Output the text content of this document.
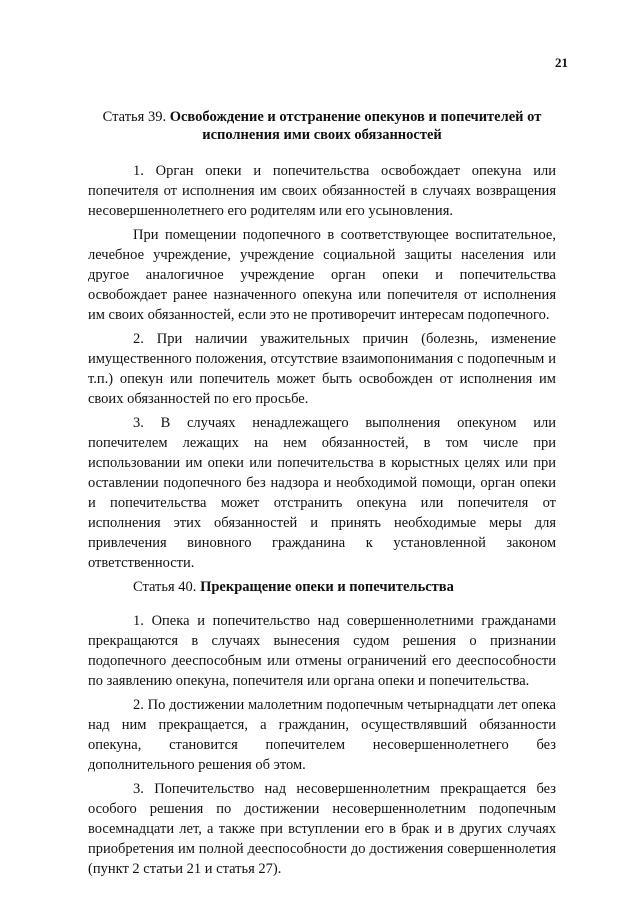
21
Статья 39. Освобождение и отстранение опекунов и попечителей от исполнения ими своих обязанностей

1. Орган опеки и попечительства освобождает опекуна или попечителя от исполнения им своих обязанностей в случаях возвращения несовершеннолетнего его родителям или его усыновления.

При помещении подопечного в соответствующее воспитательное, лечебное учреждение, учреждение социальной защиты населения или другое аналогичное учреждение орган опеки и попечительства освобождает ранее назначенного опекуна или попечителя от исполнения им своих обязанностей, если это не противоречит интересам подопечного.

2. При наличии уважительных причин (болезнь, изменение имущественного положения, отсутствие взаимопонимания с подопечным и т.п.) опекун или попечитель может быть освобожден от исполнения им своих обязанностей по его просьбе.

3. В случаях ненадлежащего выполнения опекуном или попечителем лежащих на нем обязанностей, в том числе при использовании им опеки или попечительства в корыстных целях или при оставлении подопечного без надзора и необходимой помощи, орган опеки и попечительства может отстранить опекуна или попечителя от исполнения этих обязанностей и принять необходимые меры для привлечения виновного гражданина к установленной законом ответственности.

Статья 40. Прекращение опеки и попечительства

1. Опека и попечительство над совершеннолетними гражданами прекращаются в случаях вынесения судом решения о признании подопечного дееспособным или отмены ограничений его дееспособности по заявлению опекуна, попечителя или органа опеки и попечительства.

2. По достижении малолетним подопечным четырнадцати лет опека над ним прекращается, а гражданин, осуществлявший обязанности опекуна, становится попечителем несовершеннолетнего без дополнительного решения об этом.

3. Попечительство над несовершеннолетним прекращается без особого решения по достижении несовершеннолетним подопечным восемнадцати лет, а также при вступлении его в брак и в других случаях приобретения им полной дееспособности до достижения совершеннолетия (пункт 2 статьи 21 и статья 27).
